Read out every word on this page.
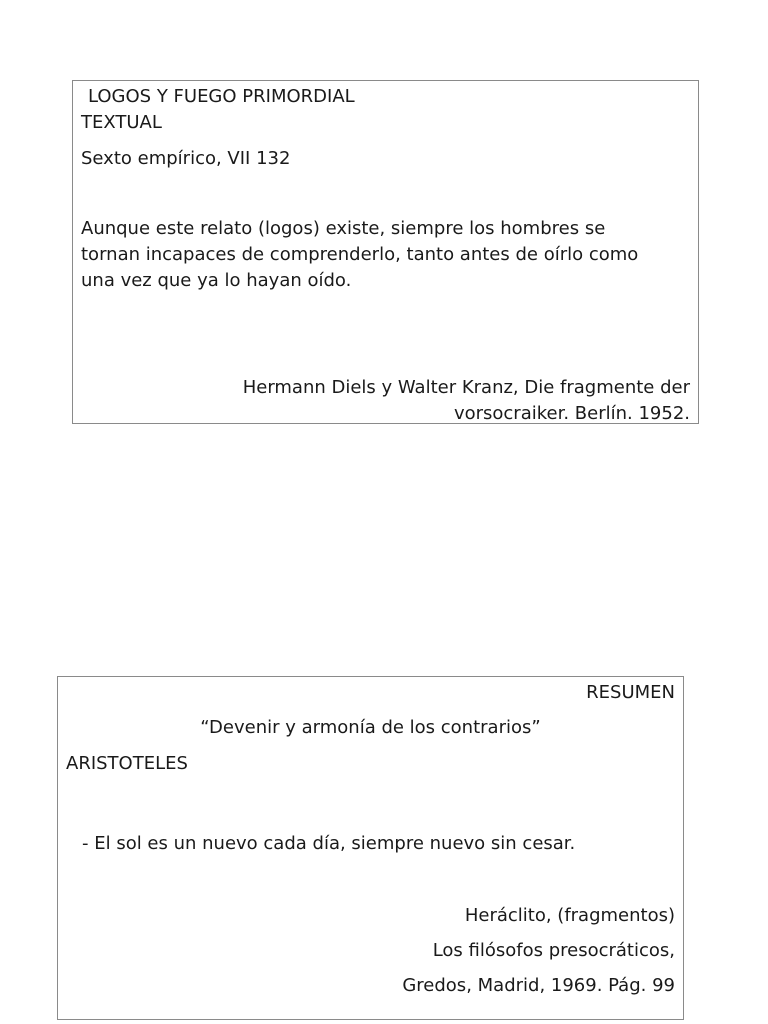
LOGOS Y FUEGO PRIMORDIAL
TEXTUAL
Sexto empírico, VII 132
Aunque este relato (logos) existe, siempre los hombres se
tornan incapaces de comprenderlo, tanto antes de oírlo como
una vez que ya lo hayan oído.
Hermann Diels y Walter Kranz, Die fragmente der
vorsocraiker. Berlín. 1952.
RESUMEN
“Devenir y armonía de los contrarios”
ARISTOTELES
- El sol es un nuevo cada día, siempre nuevo sin cesar.
Heráclito, (fragmentos)
Los filósofos presocráticos,
Gredos, Madrid, 1969. Pág. 99
